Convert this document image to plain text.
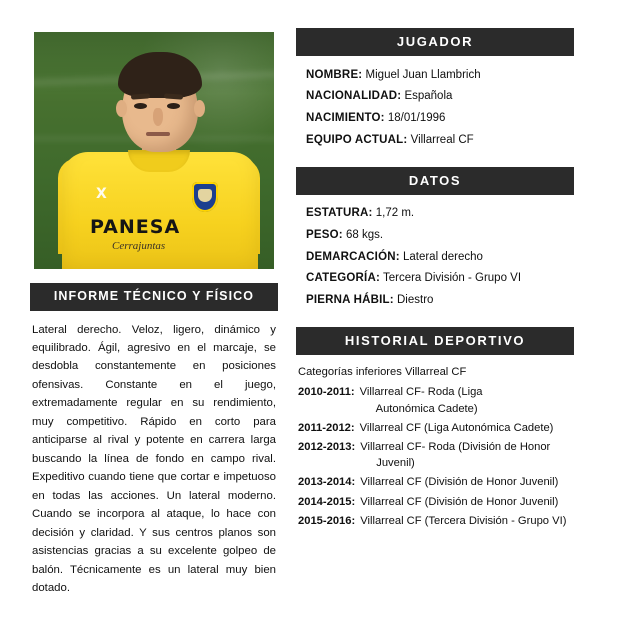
X
PANESA
Cerrajuntas
INFORME TÉCNICO Y FÍSICO
Lateral derecho. Veloz, ligero, dinámico y equilibrado. Ágil, agresivo en el marcaje, se desdobla constantemente en posiciones ofensivas. Constante en el juego, extremadamente regular en su rendimiento, muy competitivo. Rápido en corto para anticiparse al rival y potente en carrera larga buscando la línea de fondo en campo rival. Expeditivo cuando tiene que cortar e impetuoso en todas las acciones. Un lateral moderno. Cuando se incorpora al ataque, lo hace con decisión y claridad. Y sus centros planos son asistencias gracias a su excelente golpeo de balón. Técnicamente es un lateral muy bien dotado.
JUGADOR
NOMBRE: Miguel Juan Llambrich
NACIONALIDAD: Española
NACIMIENTO: 18/01/1996
EQUIPO ACTUAL: Villarreal CF
DATOS
ESTATURA: 1,72 m.
PESO: 68 kgs.
DEMARCACIÓN: Lateral derecho
CATEGORÍA: Tercera División - Grupo VI
PIERNA HÁBIL: Diestro
HISTORIAL DEPORTIVO
Categorías inferiores Villarreal CF
2010-2011: Villarreal CF- Roda (Liga
Autonómica Cadete)
2011-2012: Villarreal CF (Liga Autonómica Cadete)
2012-2013: Villarreal CF- Roda (División de Honor
Juvenil)
2013-2014: Villarreal CF (División de Honor Juvenil)
2014-2015: Villarreal CF (División de Honor Juvenil)
2015-2016: Villarreal CF (Tercera División - Grupo VI)
